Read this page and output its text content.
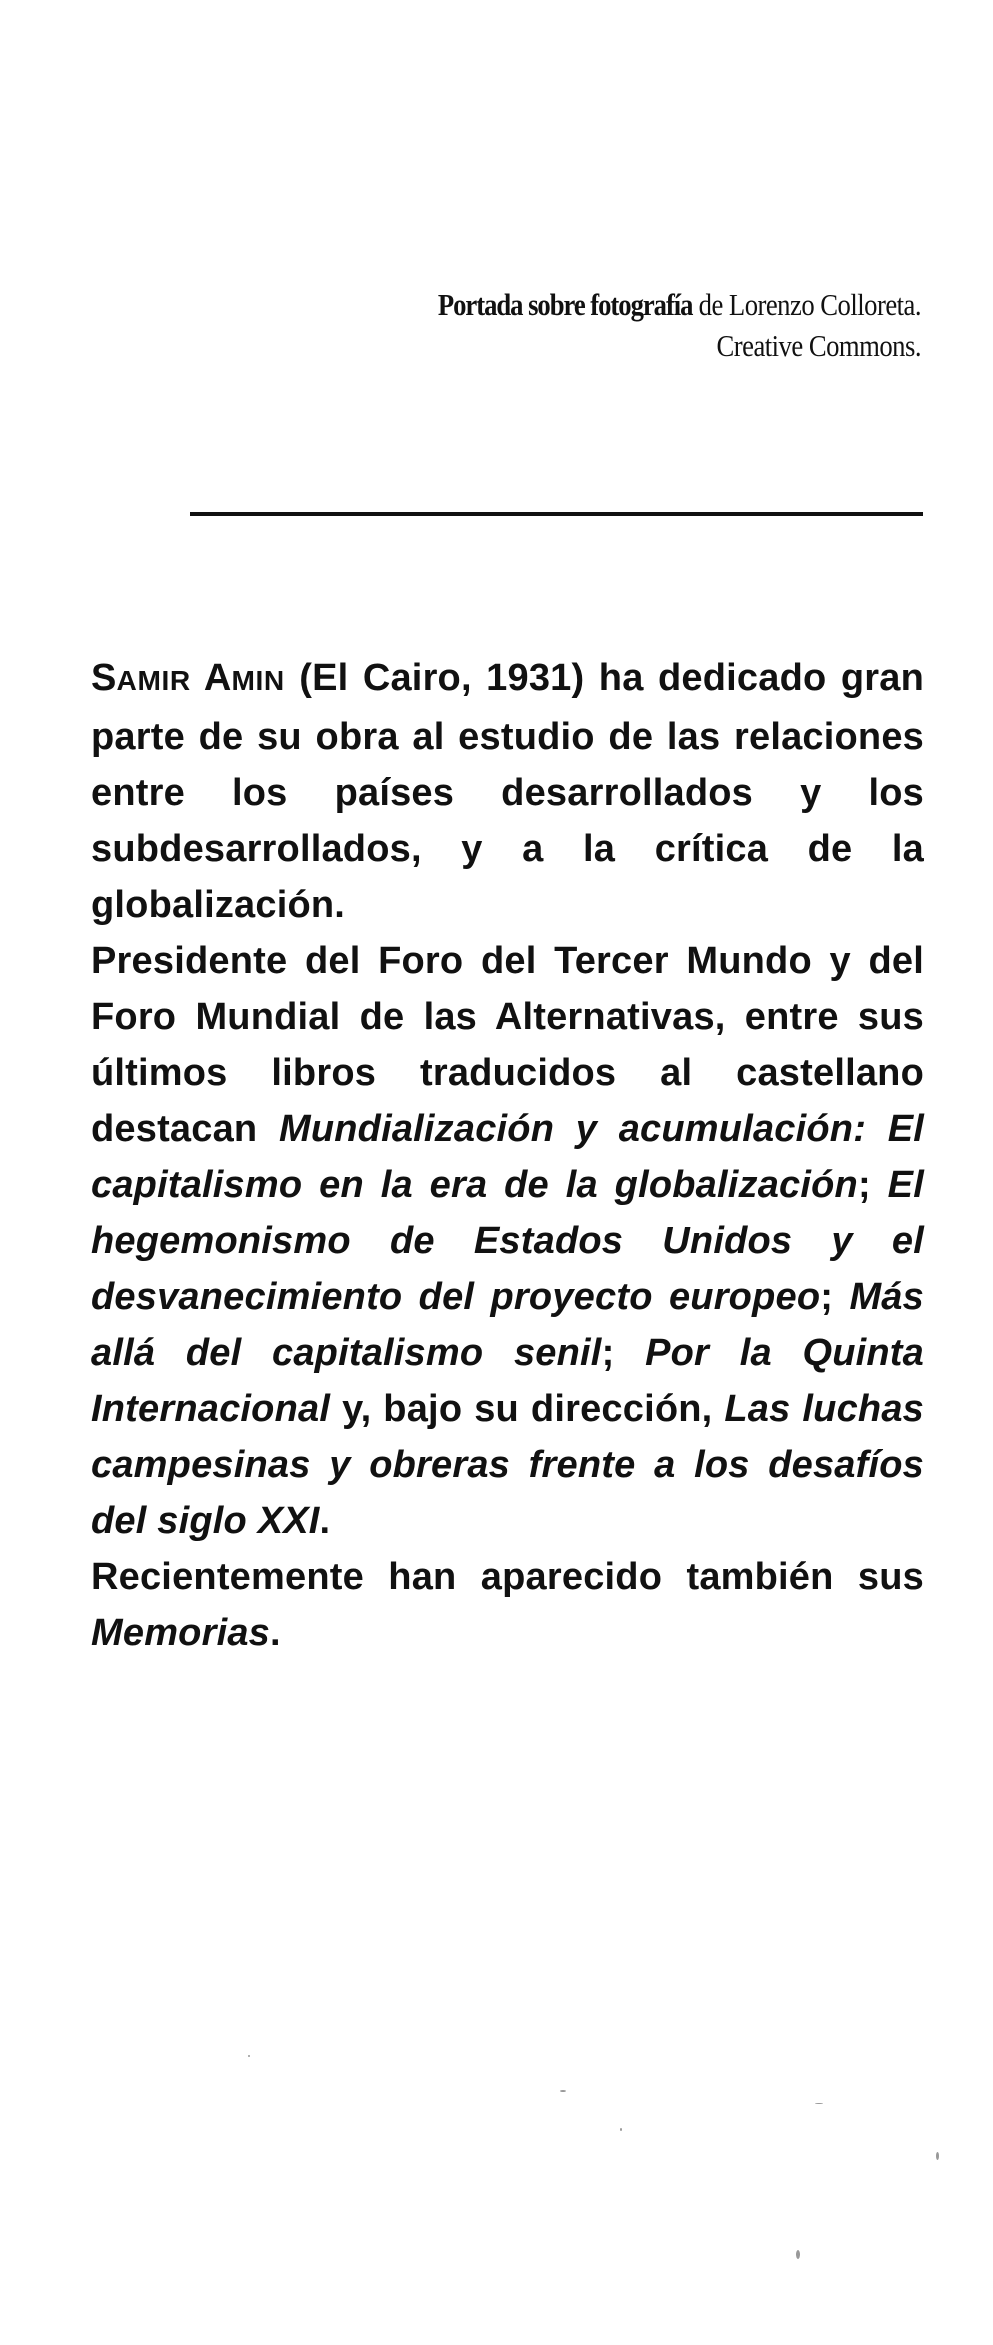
Portada sobre fotografía de Lorenzo Colloreta.
Creative Commons.

SAMIR AMIN (El Cairo, 1931) ha dedicado gran parte de su obra al estudio de las relaciones entre los países desarrollados y los subdesarrollados, y a la crítica de la globalización.

Presidente del Foro del Tercer Mundo y del Foro Mundial de las Alternativas, entre sus últimos libros traducidos al castellano destacan Mundialización y acumulación: El capitalismo en la era de la globalización; El hegemonismo de Estados Unidos y el desvanecimiento del proyecto europeo; Más allá del capitalismo senil; Por la Quinta Internacional y, bajo su dirección, Las luchas campesinas y obreras frente a los desafíos del siglo XXI.

Recientemente han aparecido también sus Memorias.
